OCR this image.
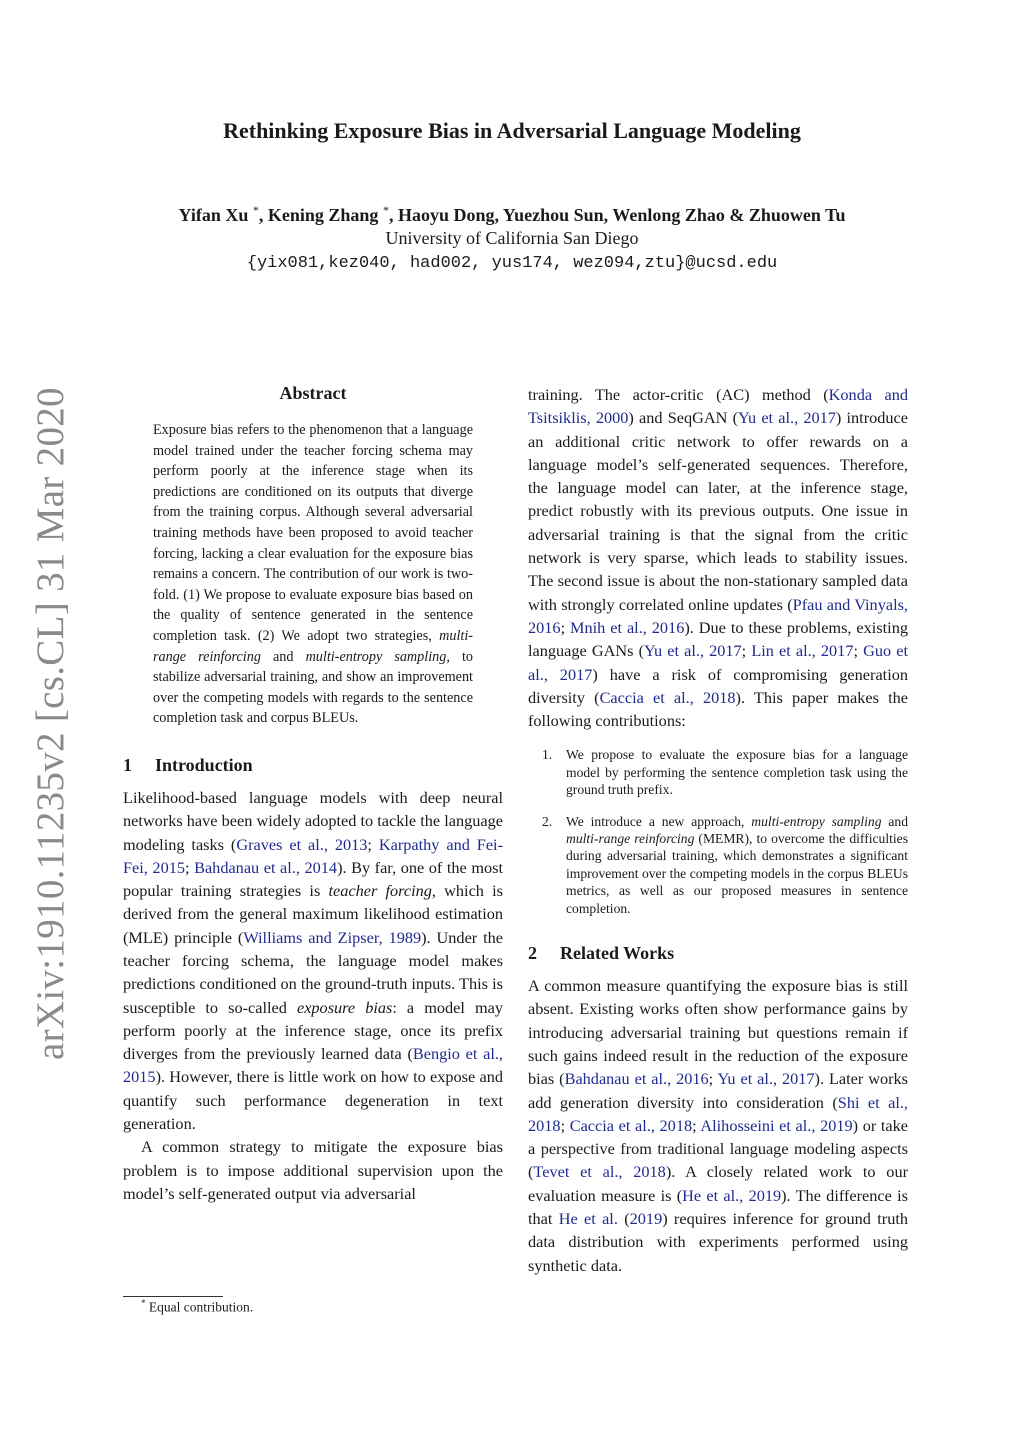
arXiv:1910.11235v2 [cs.CL] 31 Mar 2020
Rethinking Exposure Bias in Adversarial Language Modeling
Yifan Xu *, Kening Zhang *, Haoyu Dong, Yuezhou Sun, Wenlong Zhao & Zhuowen Tu
University of California San Diego
{yix081,kez040, had002, yus174, wez094,ztu}@ucsd.edu
Abstract

Exposure bias refers to the phenomenon that a language model trained under the teacher forcing schema may perform poorly at the inference stage when its predictions are conditioned on its outputs that diverge from the training corpus. Although several adversarial training methods have been proposed to avoid teacher forcing, lacking a clear evaluation for the exposure bias remains a concern. The contribution of our work is two-fold. (1) We propose to evaluate exposure bias based on the quality of sentence generated in the sentence completion task. (2) We adopt two strategies, multi-range reinforcing and multi-entropy sampling, to stabilize adversarial training, and show an improvement over the competing models with regards to the sentence completion task and corpus BLEUs.

1 Introduction

Likelihood-based language models with deep neural networks have been widely adopted to tackle the language modeling tasks (Graves et al., 2013; Karpathy and Fei-Fei, 2015; Bahdanau et al., 2014). By far, one of the most popular training strategies is teacher forcing, which is derived from the general maximum likelihood estimation (MLE) principle (Williams and Zipser, 1989). Under the teacher forcing schema, the language model makes predictions conditioned on the ground-truth inputs. This is susceptible to so-called exposure bias: a model may perform poorly at the inference stage, once its prefix diverges from the previously learned data (Bengio et al., 2015). However, there is little work on how to expose and quantify such performance degeneration in text generation.

A common strategy to mitigate the exposure bias problem is to impose additional supervision upon the model’s self-generated output via adversarial

training. The actor-critic (AC) method (Konda and Tsitsiklis, 2000) and SeqGAN (Yu et al., 2017) introduce an additional critic network to offer rewards on a language model’s self-generated sequences. Therefore, the language model can later, at the inference stage, predict robustly with its previous outputs. One issue in adversarial training is that the signal from the critic network is very sparse, which leads to stability issues. The second issue is about the non-stationary sampled data with strongly correlated online updates (Pfau and Vinyals, 2016; Mnih et al., 2016). Due to these problems, existing language GANs (Yu et al., 2017; Lin et al., 2017; Guo et al., 2017) have a risk of compromising generation diversity (Caccia et al., 2018). This paper makes the following contributions:

1. We propose to evaluate the exposure bias for a language model by performing the sentence completion task using the ground truth prefix.
2. We introduce a new approach, multi-entropy sampling and multi-range reinforcing (MEMR), to overcome the difficulties during adversarial training, which demonstrates a significant improvement over the competing models in the corpus BLEUs metrics, as well as our proposed measures in sentence completion.
2 Related Works

A common measure quantifying the exposure bias is still absent. Existing works often show performance gains by introducing adversarial training but questions remain if such gains indeed result in the reduction of the exposure bias (Bahdanau et al., 2016; Yu et al., 2017). Later works add generation diversity into consideration (Shi et al., 2018; Caccia et al., 2018; Alihosseini et al., 2019) or take a perspective from traditional language modeling aspects (Tevet et al., 2018). A closely related work to our evaluation measure is (He et al., 2019). The difference is that He et al. (2019) requires inference for ground truth data distribution with experiments performed using synthetic data.

* Equal contribution.
